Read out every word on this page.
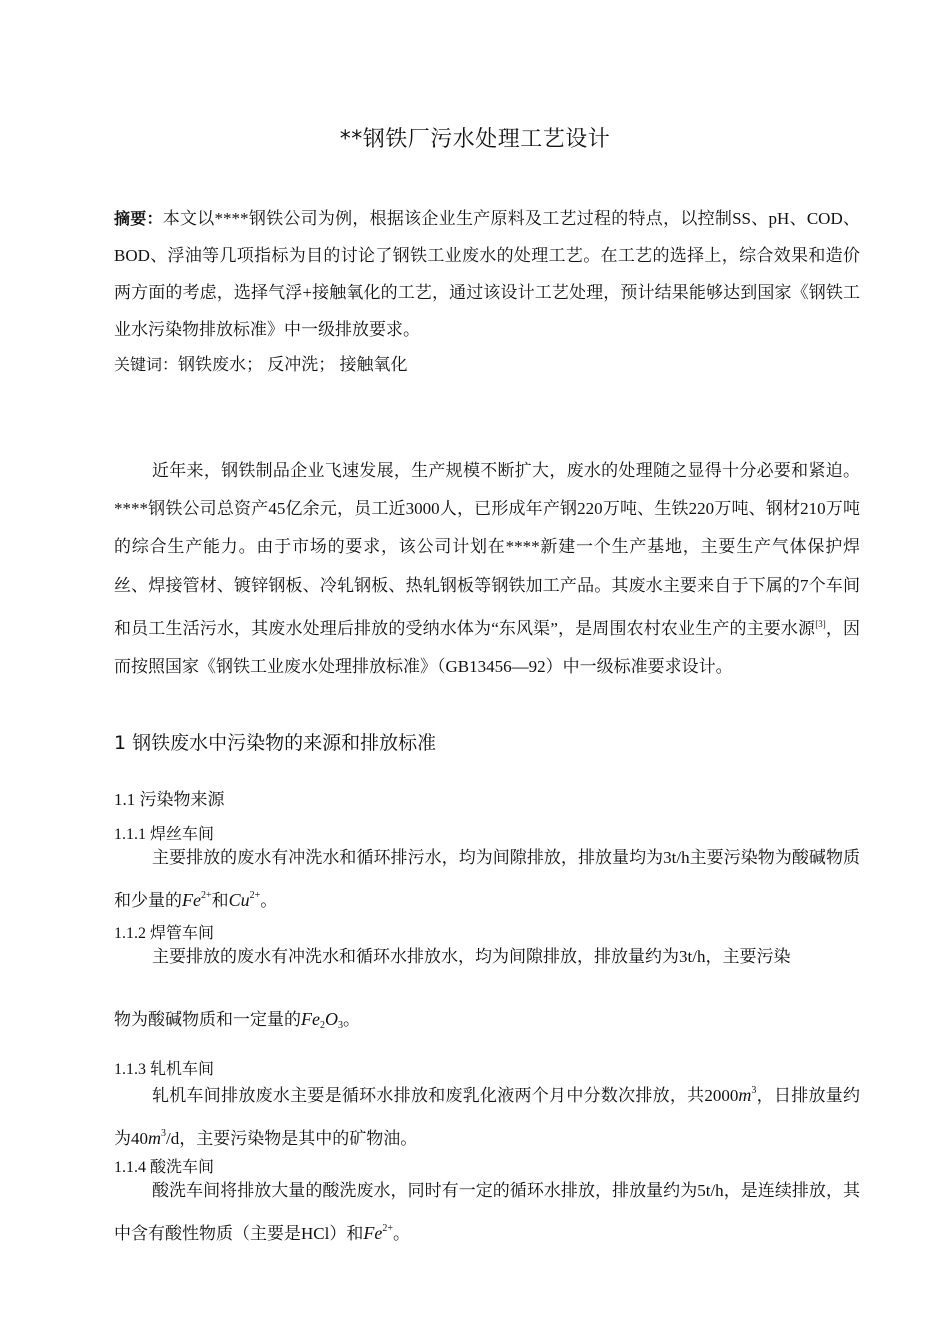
**钢铁厂污水处理工艺设计
摘要：本文以****钢铁公司为例，根据该企业生产原料及工艺过程的特点，以控制SS、pH、COD、BOD、浮油等几项指标为目的讨论了钢铁工业废水的处理工艺。在工艺的选择上，综合效果和造价两方面的考虑，选择气浮+接触氧化的工艺，通过该设计工艺处理，预计结果能够达到国家《钢铁工业水污染物排放标准》中一级排放要求。
关键词：钢铁废水； 反冲洗； 接触氧化
近年来，钢铁制品企业飞速发展，生产规模不断扩大，废水的处理随之显得十分必要和紧迫。****钢铁公司总资产45亿余元，员工近3000人，已形成年产钢220万吨、生铁220万吨、钢材210万吨的综合生产能力。由于市场的要求，该公司计划在****新建一个生产基地，主要生产气体保护焊丝、焊接管材、镀锌钢板、冷轧钢板、热轧钢板等钢铁加工产品。其废水主要来自于下属的7个车间和员工生活污水，其废水处理后排放的受纳水体为“东风渠”，是周围农村农业生产的主要水源[3]，因而按照国家《钢铁工业废水处理排放标准》（GB13456—92）中一级标准要求设计。
1 钢铁废水中污染物的来源和排放标准
1.1 污染物来源
1.1.1 焊丝车间
主要排放的废水有冲洗水和循环排污水，均为间隙排放，排放量均为3t/h主要污染物为酸碱物质和少量的$Fe^{2+}$和$Cu^{2+}$。
1.1.2 焊管车间
主要排放的废水有冲洗水和循环水排放水，均为间隙排放，排放量约为3t/h，主要污染
物为酸碱物质和一定量的$Fe_2O_3$。
1.1.3 轧机车间
轧机车间排放废水主要是循环水排放和废乳化液两个月中分数次排放，共$2000m^3$，日排放量约为$40m^3/d$，主要污染物是其中的矿物油。
1.1.4 酸洗车间
酸洗车间将排放大量的酸洗废水，同时有一定的循环水排放，排放量约为5t/h，是连续排放，其中含有酸性物质（主要是HCl）和$Fe^{2+}$。
